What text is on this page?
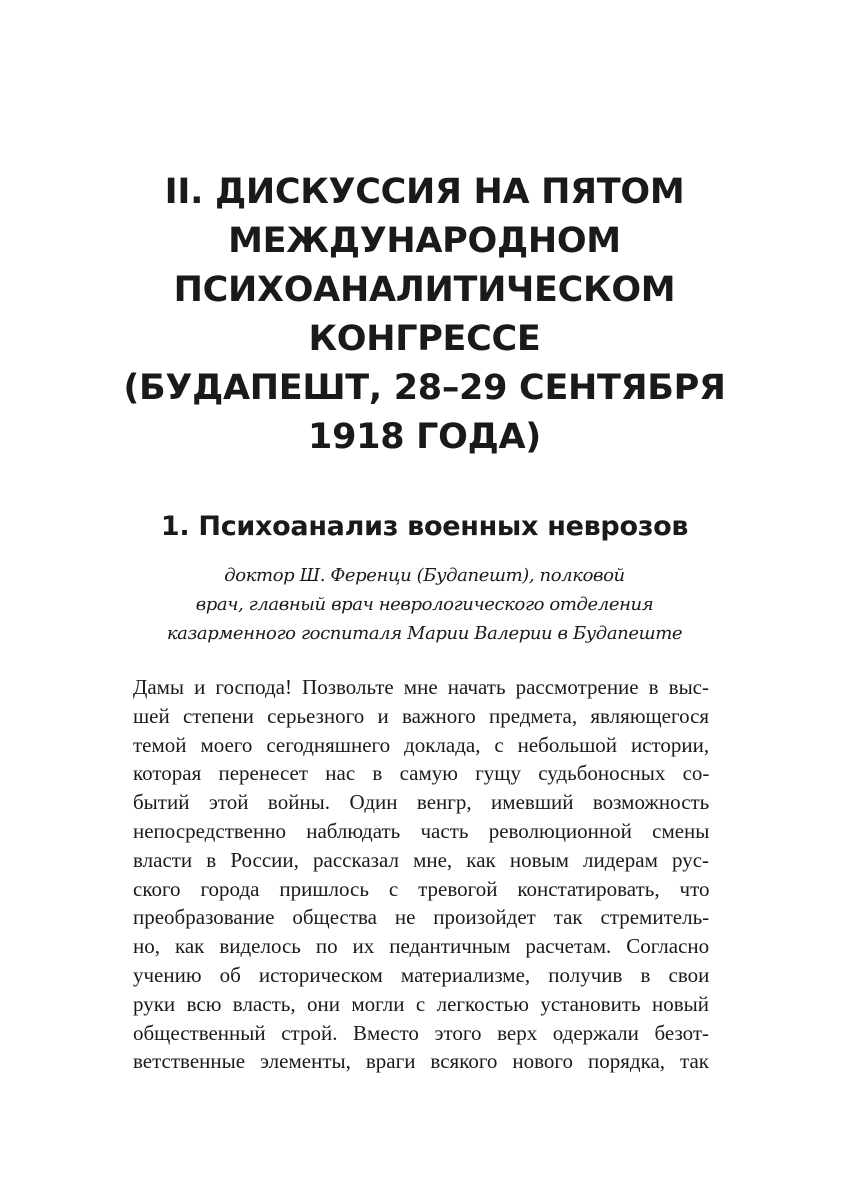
II. ДИСКУССИЯ НА ПЯТОМ
МЕЖДУНАРОДНОМ
ПСИХОАНАЛИТИЧЕСКОМ
КОНГРЕССЕ
(БУДАПЕШТ, 28–29 СЕНТЯБРЯ
1918 ГОДА)
1. Психоанализ военных неврозов
доктор Ш. Ференци (Будапешт), полковой
врач, главный врач неврологического отделения
казарменного госпиталя Марии Валерии в Будапеште
Дамы и господа! Позвольте мне начать рассмотрение в выс-
шей степени серьезного и важного предмета, являющегося
темой моего сегодняшнего доклада, с небольшой истории,
которая перенесет нас в самую гущу судьбоносных со-
бытий этой войны. Один венгр, имевший возможность
непосредственно наблюдать часть революционной смены
власти в России, рассказал мне, как новым лидерам рус-
ского города пришлось с тревогой констатировать, что
преобразование общества не произойдет так стремитель-
но, как виделось по их педантичным расчетам. Согласно
учению об историческом материализме, получив в свои
руки всю власть, они могли с легкостью установить новый
общественный строй. Вместо этого верх одержали безот-
ветственные элементы, враги всякого нового порядка, так
